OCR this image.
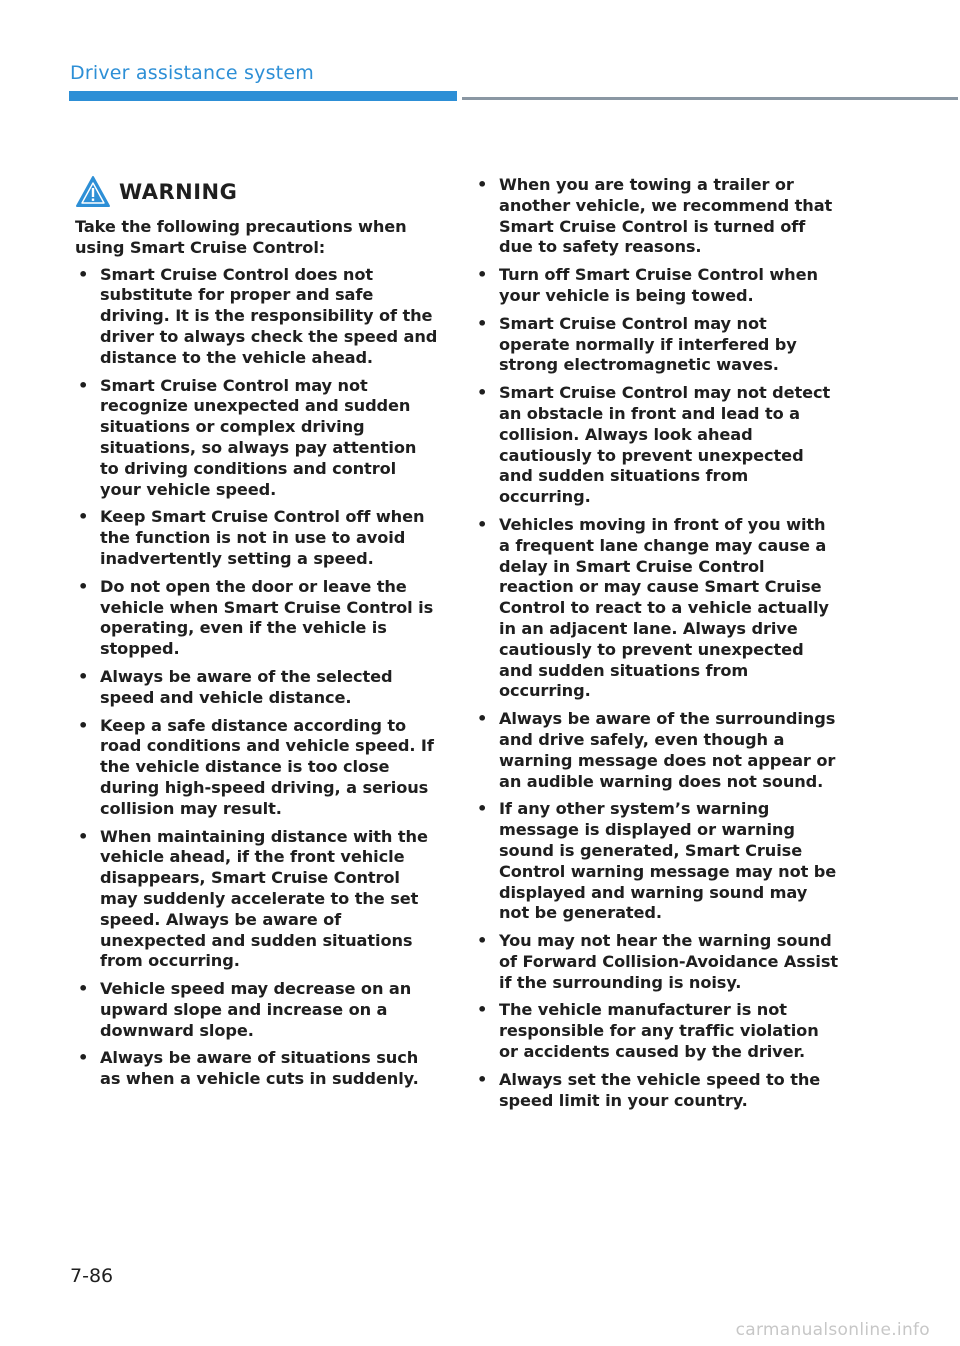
Driver assistance system
WARNING

Take the following precautions when using Smart Cruise Control:

• Smart Cruise Control does not substitute for proper and safe driving. It is the responsibility of the driver to always check the speed and distance to the vehicle ahead.
• Smart Cruise Control may not recognize unexpected and sudden situations or complex driving situations, so always pay attention to driving conditions and control your vehicle speed.
• Keep Smart Cruise Control off when the function is not in use to avoid inadvertently setting a speed.
• Do not open the door or leave the vehicle when Smart Cruise Control is operating, even if the vehicle is stopped.
• Always be aware of the selected speed and vehicle distance.
• Keep a safe distance according to road conditions and vehicle speed. If the vehicle distance is too close during high-speed driving, a serious collision may result.
• When maintaining distance with the vehicle ahead, if the front vehicle disappears, Smart Cruise Control may suddenly accelerate to the set speed. Always be aware of unexpected and sudden situations from occurring.
• Vehicle speed may decrease on an upward slope and increase on a downward slope.
• Always be aware of situations such as when a vehicle cuts in suddenly.
• When you are towing a trailer or another vehicle, we recommend that Smart Cruise Control is turned off due to safety reasons.
• Turn off Smart Cruise Control when your vehicle is being towed.
• Smart Cruise Control may not operate normally if interfered by strong electromagnetic waves.
• Smart Cruise Control may not detect an obstacle in front and lead to a collision. Always look ahead cautiously to prevent unexpected and sudden situations from occurring.
• Vehicles moving in front of you with a frequent lane change may cause a delay in Smart Cruise Control reaction or may cause Smart Cruise Control to react to a vehicle actually in an adjacent lane. Always drive cautiously to prevent unexpected and sudden situations from occurring.
• Always be aware of the surroundings and drive safely, even though a warning message does not appear or an audible warning does not sound.
• If any other system’s warning message is displayed or warning sound is generated, Smart Cruise Control warning message may not be displayed and warning sound may not be generated.
• You may not hear the warning sound of Forward Collision-Avoidance Assist if the surrounding is noisy.
• The vehicle manufacturer is not responsible for any traffic violation or accidents caused by the driver.
• Always set the vehicle speed to the speed limit in your country.
7-86
carmanualsonline.info
